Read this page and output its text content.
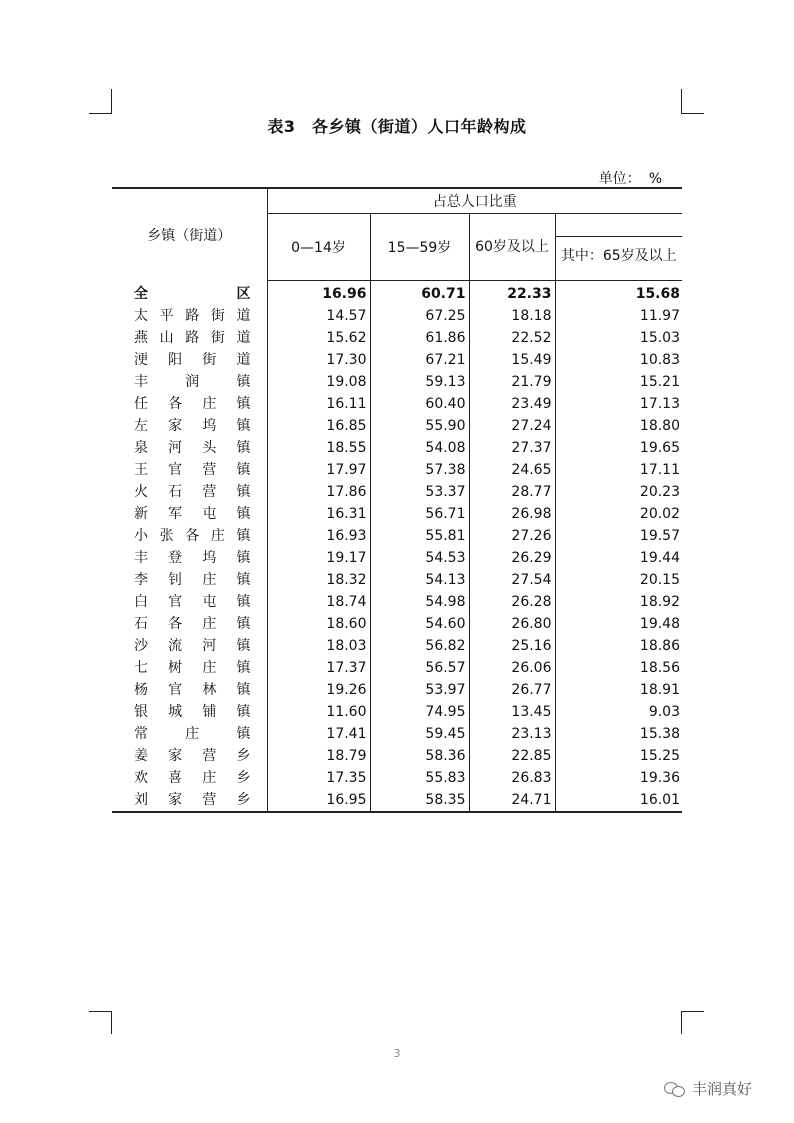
表3　各乡镇（街道）人口年龄构成
单位： %
乡镇（街道）	占总人口比重			
	0—14岁	15—59岁	60岁及以上	其中：65岁及以上

全 区	16.96	60.71	22.33	15.68

太 平 路 街 道	14.57	67.25	18.18	11.97

燕 山 路 街 道	15.62	61.86	22.52	15.03

浭 阳 街 道	17.30	67.21	15.49	10.83

丰 润 镇	19.08	59.13	21.79	15.21

任 各 庄 镇	16.11	60.40	23.49	17.13

左 家 坞 镇	16.85	55.90	27.24	18.80

泉 河 头 镇	18.55	54.08	27.37	19.65

王 官 营 镇	17.97	57.38	24.65	17.11

火 石 营 镇	17.86	53.37	28.77	20.23

新 军 屯 镇	16.31	56.71	26.98	20.02

小 张 各 庄 镇	16.93	55.81	27.26	19.57

丰 登 坞 镇	19.17	54.53	26.29	19.44

李 钊 庄 镇	18.32	54.13	27.54	20.15

白 官 屯 镇	18.74	54.98	26.28	18.92

石 各 庄 镇	18.60	54.60	26.80	19.48

沙 流 河 镇	18.03	56.82	25.16	18.86

七 树 庄 镇	17.37	56.57	26.06	18.56

杨 官 林 镇	19.26	53.97	26.77	18.91

银 城 铺 镇	11.60	74.95	13.45	9.03

常 庄 镇	17.41	59.45	23.13	15.38

姜 家 营 乡	18.79	58.36	22.85	15.25

欢 喜 庄 乡	17.35	55.83	26.83	19.36

刘 家 营 乡	16.95	58.35	24.71	16.01
3
丰润真好
